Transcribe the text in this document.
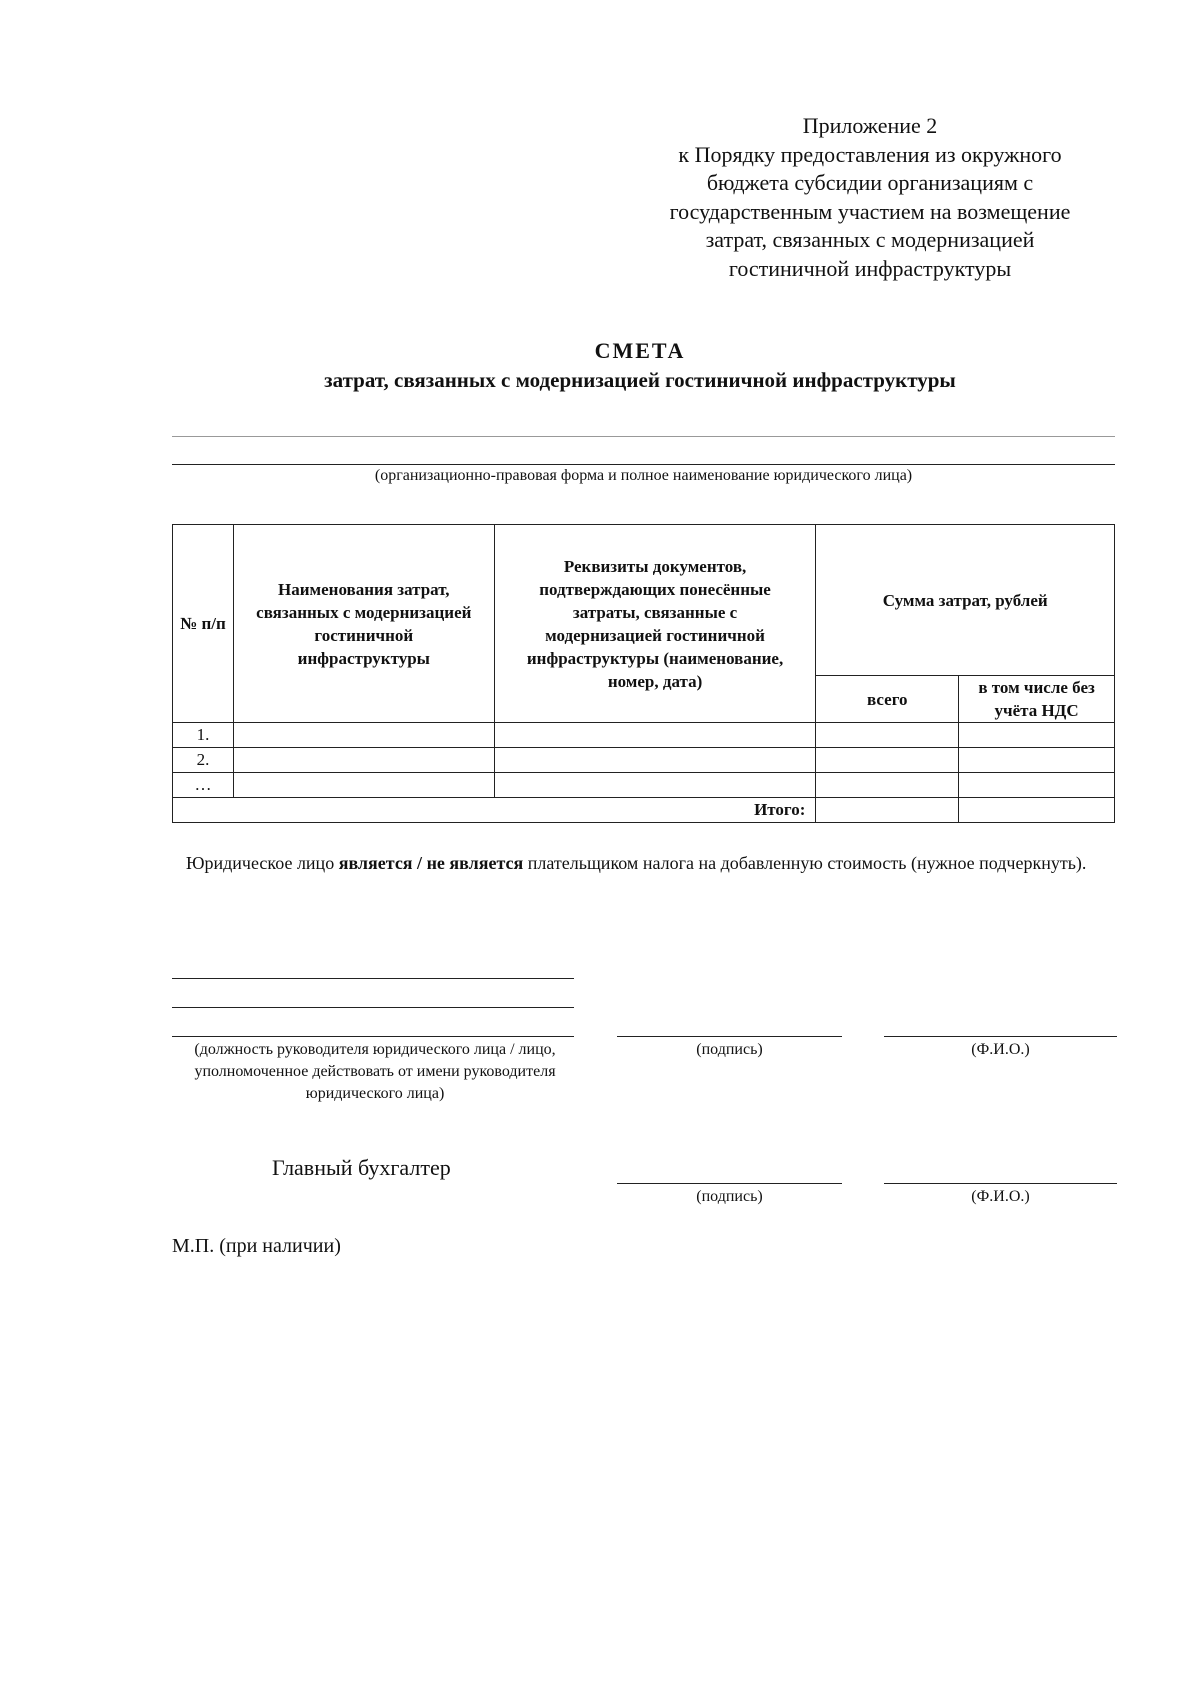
Приложение 2
к Порядку предоставления из окружного
бюджета субсидии организациям с
государственным участием на возмещение
затрат, связанных с модернизацией
гостиничной инфраструктуры
СМЕТА
затрат, связанных с модернизацией гостиничной инфраструктуры
(организационно-правовая форма и полное наименование юридического лица)
№ п/п	Наименования затрат, связанных с модернизацией гостиничной инфраструктуры	Реквизиты документов, подтверждающих понесённые затраты, связанные с модернизацией гостиничной инфраструктуры (наименование, номер, дата)	Сумма затрат, рублей	
			всего	в том числе без учёта НДС
1.				
2.				
…				
Итого:				
Юридическое лицо является / не является плательщиком налога на добавленную стоимость (нужное подчеркнуть).
(должность руководителя юридического лица / лицо, уполномоченное действовать от имени руководителя юридического лица)
(подпись)	(Ф.И.О.)
Главный бухгалтер
(подпись)	(Ф.И.О.)
М.П. (при наличии)
